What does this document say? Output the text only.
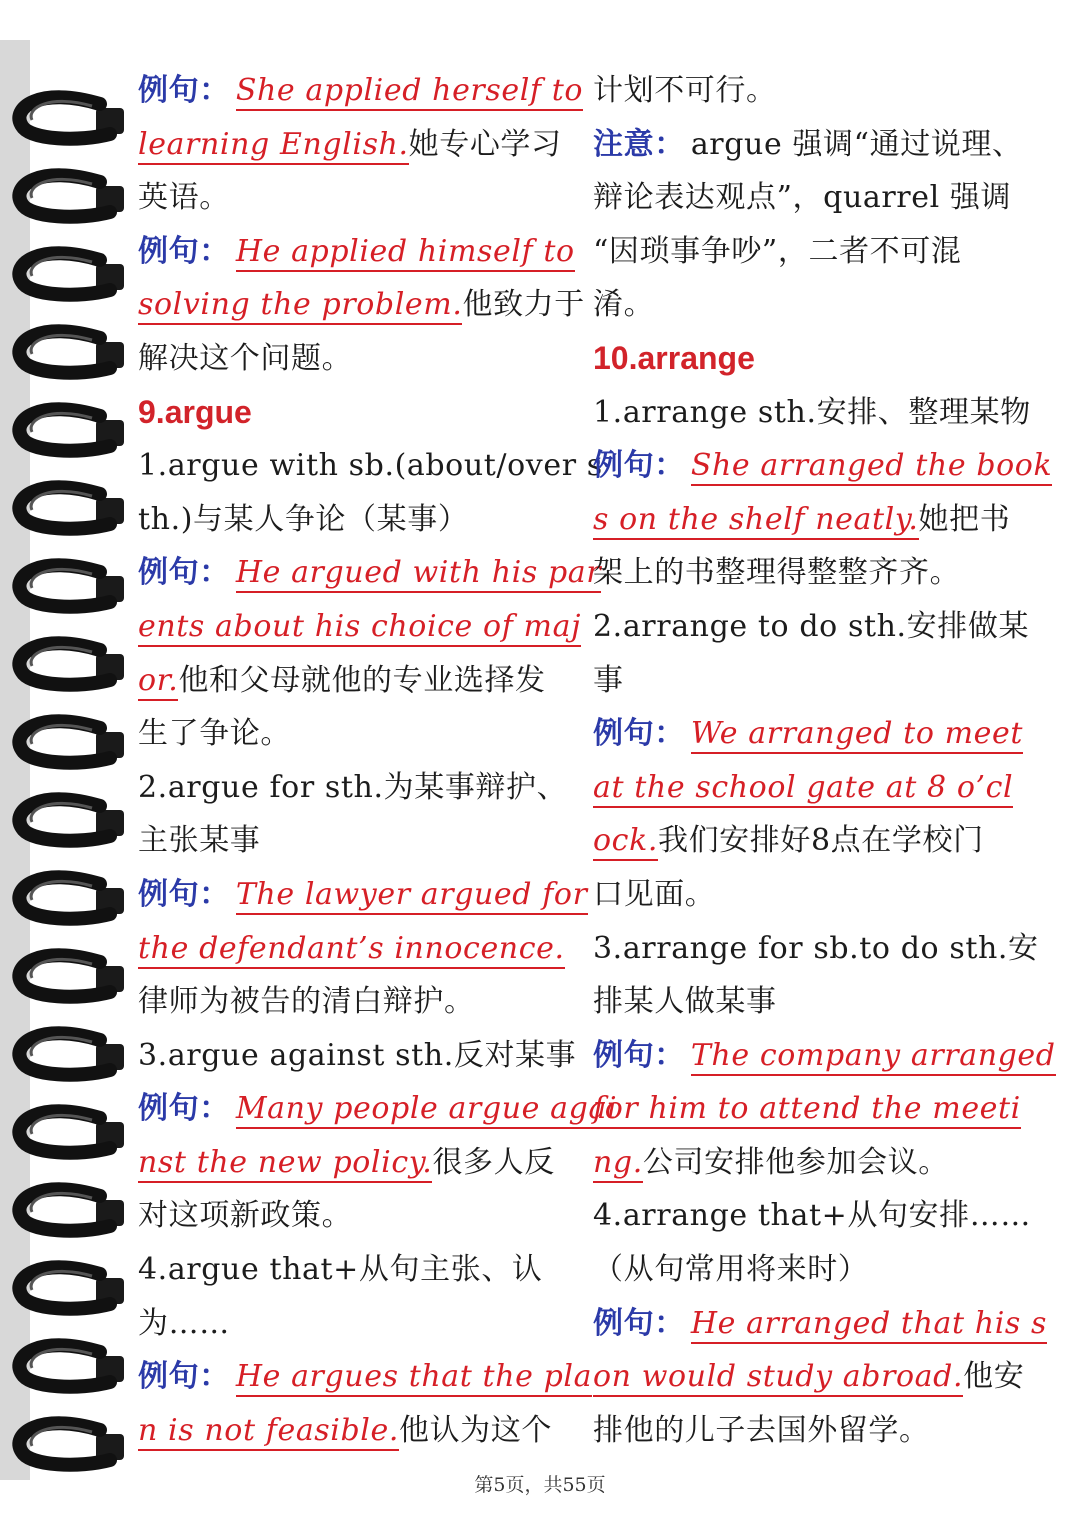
例句： She applied herself to
learning English.她专心学习
英语。
例句： He applied himself to
solving the problem.他致力于
解决这个问题。
9.argue
1.argue with sb.(about/over s
th.)与某人争论（某事）
例句： He argued with his par
ents about his choice of maj
or.他和父母就他的专业选择发
生了争论。
2.argue for sth.为某事辩护、
主张某事
例句： The lawyer argued for
the defendant’s innocence.
律师为被告的清白辩护。
3.argue against sth.反对某事
例句： Many people argue agai
nst the new policy.很多人反
对这项新政策。
4.argue that+从句主张、认
为……
例句： He argues that the pla
n is not feasible.他认为这个
计划不可行。
注意： argue 强调“通过说理、
辩论表达观点”，quarrel 强调
“因琐事争吵”，二者不可混
淆。
10.arrange
1.arrange sth.安排、整理某物
例句： She arranged the book
s on the shelf neatly.她把书
架上的书整理得整整齐齐。
2.arrange to do sth.安排做某
事
例句： We arranged to meet
at the school gate at 8 o’cl
ock.我们安排好8点在学校门
口见面。
3.arrange for sb.to do sth.安
排某人做某事
例句： The company arranged
for him to attend the meeti
ng.公司安排他参加会议。
4.arrange that+从句安排……
（从句常用将来时）
例句： He arranged that his s
on would study abroad.他安
排他的儿子去国外留学。
第5页，共55页
